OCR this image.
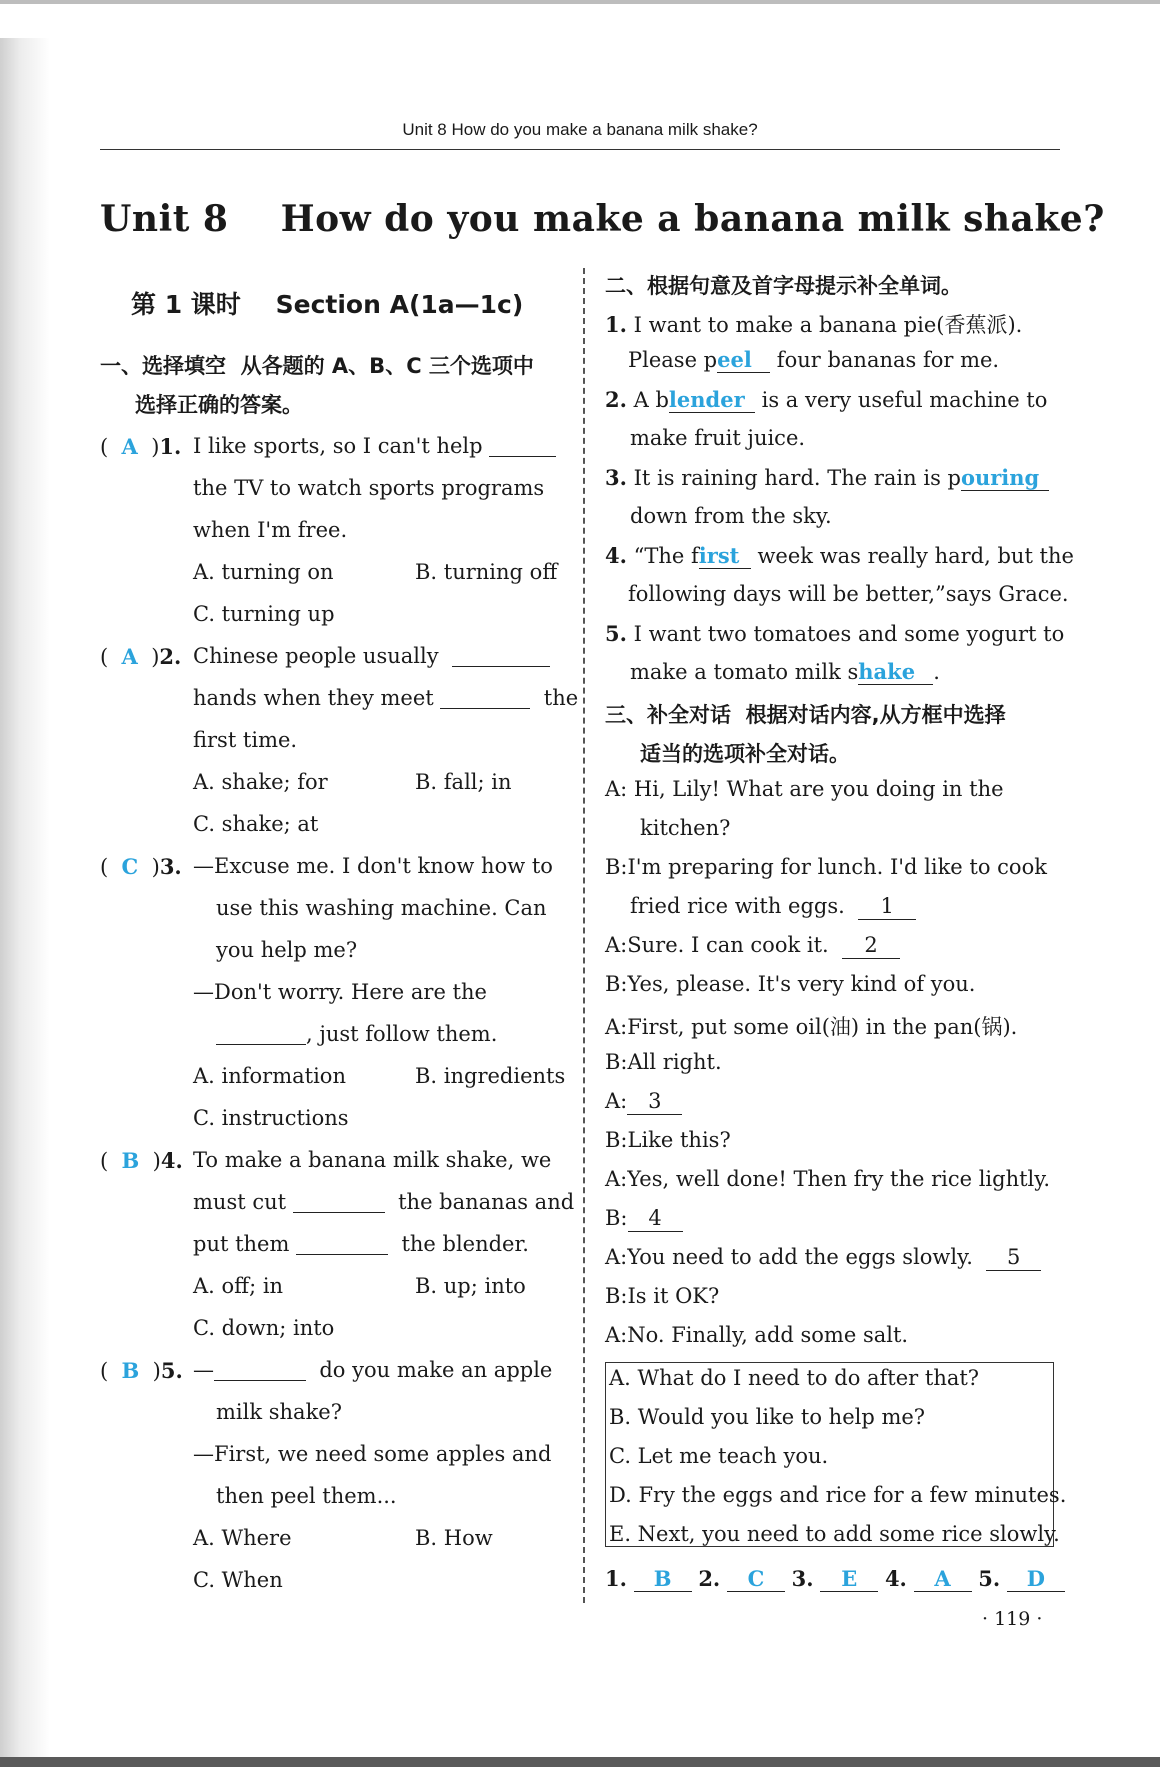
Unit 8 How do you make a banana milk shake?
Unit 8    How do you make a banana milk shake?
第 1 课时    Section A(1a—1c)
一、选择填空  从各题的 A、B、C 三个选项中
选择正确的答案。
(  A  )1. I like sports, so I can't help
the TV to watch sports programs
when I'm free.
A. turning on	B. turning off
C. turning up
(  A  )2. Chinese people usually
hands when they meet	the
first time.
A. shake; for	B. fall; in
C. shake; at
(  C  )3. —Excuse me. I don't know how to
use this washing machine. Can
you help me?
—Don't worry. Here are the
, just follow them.
A. information	B. ingredients
C. instructions
(  B  )4. To make a banana milk shake, we
must cut	the bananas and
put them	the blender.
A. off; in	B. up; into
C. down; into
(  B  )5. —	do you make an apple
milk shake?
—First, we need some apples and
then peel them...
A. Where	B. How
C. When
二、根据句意及首字母提示补全单词。
1. I want to make a banana pie(香蕉派).
Please peel four bananas for me.
2. A blender is a very useful machine to
make fruit juice.
3. It is raining hard. The rain is pouring
down from the sky.
4. “The first week was really hard, but the
following days will be better,”says Grace.
5. I want two tomatoes and some yogurt to
make a tomato milk shake .
三、补全对话  根据对话内容,从方框中选择
适当的选项补全对话。
A: Hi, Lily! What are you doing in the
kitchen?
B:I'm preparing for lunch. I'd like to cook
fried rice with eggs. 1
A:Sure. I can cook it. 2
B:Yes, please. It's very kind of you.
A:First, put some oil(油) in the pan(锅).
B:All right.
A: 3
B:Like this?
A:Yes, well done! Then fry the rice lightly.
B: 4
A:You need to add the eggs slowly. 5
B:Is it OK?
A:No. Finally, add some salt.
A. What do I need to do after that?
B. Would you like to help me?
C. Let me teach you.
D. Fry the eggs and rice for a few minutes.
E. Next, you need to add some rice slowly.
1. B 2. C 3. E 4. A 5. D
· 119 ·
